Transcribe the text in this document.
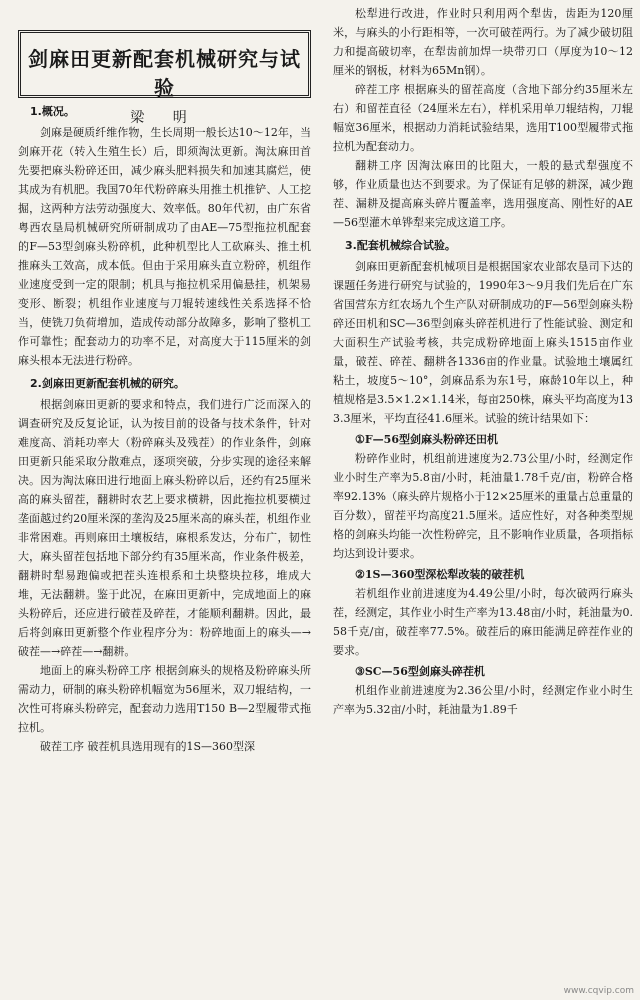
剑麻田更新配套机械研究与试验
梁 明
1.概况。

剑麻是硬质纤维作物，生长周期一般长达10～12年，当剑麻开花（转入生殖生长）后，即须淘汰更新。淘汰麻田首先要把麻头粉碎还田，减少麻头肥料损失和加速其腐烂，使其成为有机肥。我国70年代粉碎麻头用推土机推铲、人工挖掘，这两种方法劳动强度大、效率低。80年代初，由广东省粤西农垦局机械研究所研制成功了由AE—75型拖拉机配套的F—53型剑麻头粉碎机，此种机型比人工砍麻头、推土机推麻头工效高，成本低。但由于采用麻头直立粉碎，机组作业速度受到一定的限制；机具与拖拉机采用偏悬挂，机架易变形、断裂；机组作业速度与刀辊转速线性关系选择不恰当，使铣刀负荷增加，造成传动部分故障多，影响了整机工作可靠性；配套动力的功率不足，对高度大于115厘米的剑麻头根本无法进行粉碎。

2.剑麻田更新配套机械的研究。

根据剑麻田更新的要求和特点，我们进行广泛而深入的调查研究及反复论证，认为按目前的设备与技术条件，针对难度高、消耗功率大（粉碎麻头及残茬）的作业条件，剑麻田更新只能采取分散难点，逐项突破，分步实现的途径来解决。因为淘汰麻田进行地面上麻头粉碎以后，还约有25厘米高的麻头留茬，翻耕时农艺上要求横耕，因此拖拉机要横过垄面越过约20厘米深的垄沟及25厘米高的麻头茬，机组作业非常困难。再则麻田土壤板结，麻根系发达，分布广，韧性大，麻头留茬包括地下部分约有35厘米高，作业条件极差，翻耕时犁易跑偏或把茬头连根系和土块整块拉移，堆成大堆，无法翻耕。鉴于此况，在麻田更新中，完成地面上的麻头粉碎后，还应进行破茬及碎茬，才能顺利翻耕。因此，最后将剑麻田更新整个作业程序分为：粉碎地面上的麻头—→破茬—→碎茬—→翻耕。

地面上的麻头粉碎工序 根据剑麻头的规格及粉碎麻头所需动力，研制的麻头粉碎机幅宽为56厘米，双刀辊结构，一次性可将麻头粉碎完，配套动力选用T150 B—2型履带式拖拉机。

破茬工序 破茬机具选用现有的1S—360型深

松犁进行改进，作业时只利用两个犁齿，齿距为120厘米，与麻头的小行距相等，一次可破茬两行。为了减少破切阻力和提高破切率，在犁齿前加焊一块带刃口（厚度为10～12厘米的钢板，材料为65Mn钢）。

碎茬工序 根据麻头的留茬高度（含地下部分约35厘米左右）和留茬直径（24厘米左右），样机采用单刀辊结构，刀辊幅宽36厘米，根据动力消耗试验结果，选用T100型履带式拖拉机为配套动力。

翻耕工序 因淘汰麻田的比阻大，一般的悬式犁强度不够，作业质量也达不到要求。为了保证有足够的耕深，减少跑茬、漏耕及提高麻头碎片覆盖率，选用强度高、刚性好的AE—56型灌木单铧犁来完成这道工序。

3.配套机械综合试验。

剑麻田更新配套机械项目是根据国家农业部农垦司下达的课题任务进行研究与试验的，1990年3～9月我们先后在广东省国营东方红农场九个生产队对研制成功的F—56型剑麻头粉碎还田机和SC—36型剑麻头碎茬机进行了性能试验、测定和大面积生产试验考核，共完成粉碎地面上麻头1515亩作业量，破茬、碎茬、翻耕各1336亩的作业量。试验地土壤属红粘土，坡度5～10°，剑麻品系为东1号，麻龄10年以上，种植规格是3.5×1.2×1.14米，每亩250株，麻头平均高度为133.3厘米，平均直径41.6厘米。试验的统计结果如下：

①F—56型剑麻头粉碎还田机

粉碎作业时，机组前进速度为2.73公里/小时，经测定作业小时生产率为5.8亩/小时，耗油量1.78千克/亩，粉碎合格率92.13%（麻头碎片规格小于12×25厘米的重量占总重量的百分数），留茬平均高度21.5厘米。适应性好，对各种类型规格的剑麻头均能一次性粉碎完，且不影响作业质量，各项指标均达到设计要求。

②1S—360型深松犁改装的破茬机

若机组作业前进速度为4.49公里/小时，每次破两行麻头茬，经测定，其作业小时生产率为13.48亩/小时，耗油量为0.58千克/亩，破茬率77.5%。破茬后的麻田能满足碎茬作业的要求。

③SC—56型剑麻头碎茬机

机组作业前进速度为2.36公里/小时，经测定作业小时生产率为5.32亩/小时，耗油量为1.89千

www.cqvip.com
